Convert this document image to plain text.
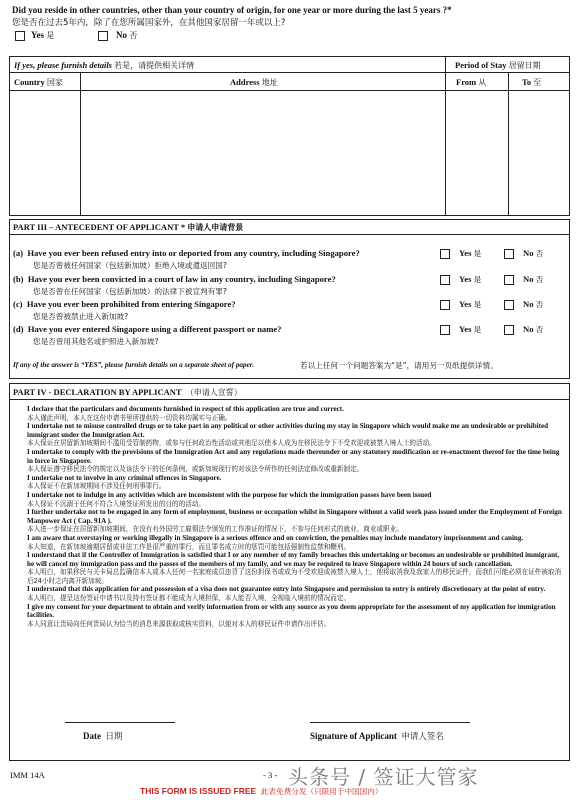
Did you reside in other countries, other than your country of origin, for one year or more during the last 5 years ?*
您是否在过去5年内，除了在您所属国家外，在其他国家居留一年或以上?
Yes 是	No 否
If yes, please furnish details 若是，请提供相关详情	Period of Stay 居留日期
Country 国家	Address 地址	From 从	To 至
PART III – ANTECEDENT OF APPLICANT * 申请人申请背景
(a) Have you ever been refused entry into or deported from any country, including Singapore?
您是否曾被任何国家（包括新加坡）拒绝入境或遣返回国?
(b) Have you ever been convicted in a court of law in any country, including Singapore?
您是否曾在任何国家（包括新加坡）的法律下被宣判有罪?
(c) Have you ever been prohibited from entering Singapore?
您是否曾被禁止进入新加坡?
(d) Have you ever entered Singapore using a different passport or name?
您是否曾用其他名或护照进入新加坡?
Yes 是	No 否
Yes 是	No 否
Yes 是	No 否
Yes 是	No 否
If any of the answer is “YES”, please furnish details on a separate sheet of paper.	若以上任何一个问题答案为“是”，请用另一页纸提供详情。
PART IV - DECLARATION BY APPLICANT （申请人宣誓）
I declare that the particulars and documents furnished in respect of this application are true and correct.
本人谨此声明，本人在这份申请书里所提供的一切资料均属实与正确。
I undertake not to misuse controlled drugs or to take part in any political or other activities during my stay in Singapore which would make me an undesirable or prohibited immigrant under the Immigration Act.
本人保证在居留新加坡期间不滥用受管制药物，或参与任何政治性活动或其他足以使本人成为在移民法令下不受欢迎或被禁入境人士的活动。
I undertake to comply with the provisions of the Immigration Act and any regulations made thereunder or any statutory modification or re-enactment thereof for the time being in force in Singapore.
本人保证遵守移民法令的规定以及该法令下的任何条例，或新加坡现行的对该法令所作的任何法定修改或重新制定。
I undertake not to involve in any criminal offences in Singapore.
本人保证不在新加坡期间不涉及任何刑事罪行。
I undertake not to indulge in any activities which are inconsistent with the purpose for which the immigration passes have been issued
本人保证不沉溺于任何不符合入境签证所发出的目的的活动。
I further undertake not to be engaged in any form of employment, business or occupation whilst in Singapore without a valid work pass issued under the Employment of Foreign Manpower Act ( Cap. 91A ).
本人进一步保证在居留新加坡期间，在没有有外国劳工雇佣法令颁发的工作准证的情况下，不参与任何形式的就业、商业或职业。
I am aware that overstaying or working illegally in Singapore is a serious offence and on conviction, the penalties may include mandatory imprisonment and caning.
本人知道，在新加坡逾期居留或非法工作是很严重的罪行，而且罪名成立时的惩罚可能包括强制性监禁和鞭刑。
I understand that if the Controller of Immigration is satisfied that I or any member of my family breaches this undertaking or becomes an undesirable or prohibited immigrant, he will cancel my immigration pass and the passes of the members of my family, and we may be required to leave Singapore within 24 hours of such cancellation.
本人明白，如果移民与关卡局总监确信本人或本人任何一名家庭成员违背了这份担保书或成为不受欢迎或被禁入境人士，他将取消我及我家人的移民证件，而我们可能必须在证件被取消后24小时之内离开新加坡。
I understand that this application for and possession of a visa does not guarantee entry into Singapore and permission to entry is entirely discretionary at the point of entry.
本人明白，提呈这份签证申请书以及持有签证都不能成为入境担保，本人能否入境，全视临入境前的情况而定。
I give my consent for your department to obtain and verify information from or with any source as you deem appropriate for the assessment of my application for immigration facilities.
本人同意让贵局向任何贵局认为恰当的消息来源获取或核实资料，以便对本人的移民证件申请作出评估。
Date 日期	Signature of Applicant 申请人签名
IMM 14A	- 3 -
THIS FORM IS ISSUED FREE 此表免费分发（只限用于中国国内）
头条号 / 签证大管家
